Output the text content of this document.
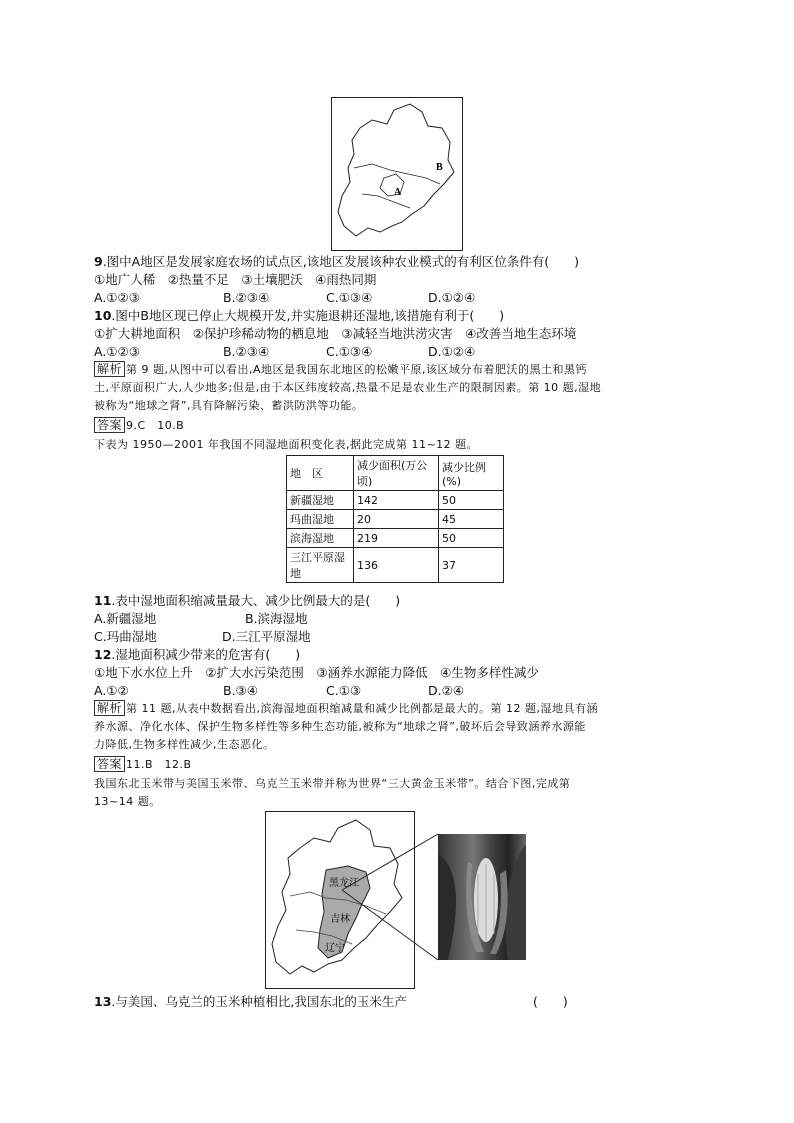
A
B
9.图中A地区是发展家庭农场的试点区,该地区发展该种农业模式的有利区位条件有(　　)
①地广人稀　②热量不足　③土壤肥沃　④雨热同期
A.①②③	B.②③④	C.①③④	D.①②④
10.图中B地区现已停止大规模开发,并实施退耕还湿地,该措施有利于(　　)
①扩大耕地面积　②保护珍稀动物的栖息地　③减轻当地洪涝灾害　④改善当地生态环境
A.①②③	B.②③④	C.①③④	D.①②④
解析 第 9 题,从图中可以看出,A地区是我国东北地区的松嫩平原,该区域分布着肥沃的黑土和黑钙
土,平原面积广大,人少地多;但是,由于本区纬度较高,热量不足是农业生产的限制因素。第 10 题,湿地
被称为“地球之肾”,具有降解污染、蓄洪防洪等功能。
答案 9.C　10.B
下表为 1950—2001 年我国不同湿地面积变化表,据此完成第 11~12 题。
地　区	减少面积(万公顷)	减少比例(%)
新疆湿地	142	50
玛曲湿地	20	45
滨海湿地	219	50
三江平原湿地	136	37
11.表中湿地面积缩减量最大、减少比例最大的是(　　)
A.新疆湿地	B.滨海湿地
C.玛曲湿地	D.三江平原湿地
12.湿地面积减少带来的危害有(　　)
①地下水水位上升　②扩大水污染范围　③涵养水源能力降低　④生物多样性减少
A.①②	B.③④	C.①③	D.②④
解析 第 11 题,从表中数据看出,滨海湿地面积缩减量和减少比例都是最大的。第 12 题,湿地具有涵
养水源、净化水体、保护生物多样性等多种生态功能,被称为“地球之肾”,破坏后会导致涵养水源能
力降低,生物多样性减少,生态恶化。
答案 11.B　12.B
我国东北玉米带与美国玉米带、乌克兰玉米带并称为世界“三大黄金玉米带”。结合下图,完成第
13~14 题。
黑龙江
吉林
辽宁
13.与美国、乌克兰的玉米种植相比,我国东北的玉米生产	(　　)
